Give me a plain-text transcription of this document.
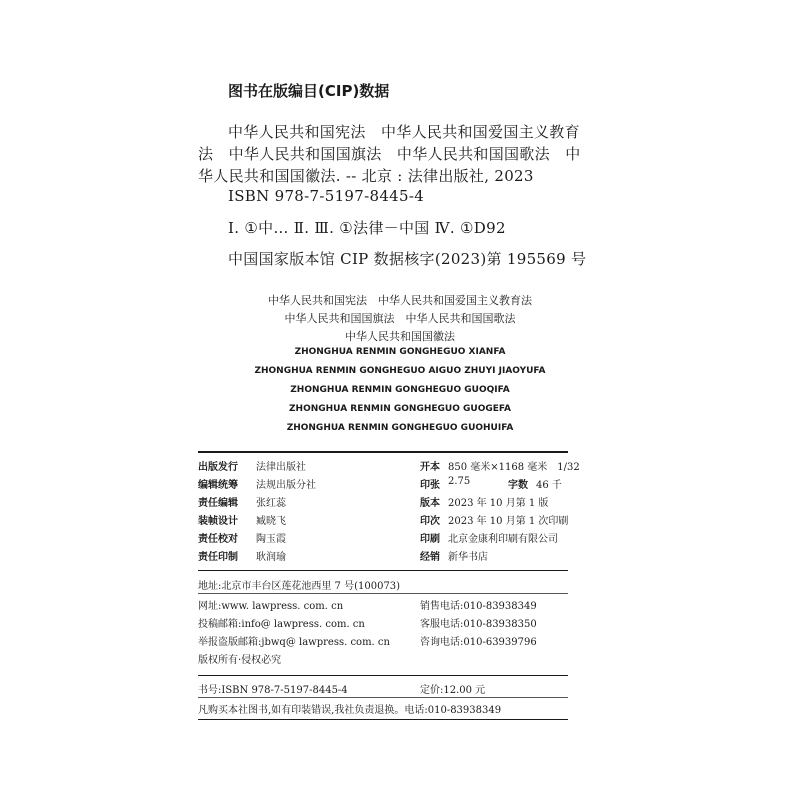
图书在版编目(CIP)数据
中华人民共和国宪法　中华人民共和国爱国主义教育
法　中华人民共和国国旗法　中华人民共和国国歌法　中
华人民共和国国徽法. -- 北京 : 法律出版社, 2023
ISBN 978-7-5197-8445-4
Ⅰ. ①中… Ⅱ. Ⅲ. ①法律－中国 Ⅳ. ①D92
中国国家版本馆 CIP 数据核字(2023)第 195569 号
中华人民共和国宪法　中华人民共和国爱国主义教育法
中华人民共和国国旗法　中华人民共和国国歌法
中华人民共和国国徽法
ZHONGHUA RENMIN GONGHEGUO XIANFA
ZHONGHUA RENMIN GONGHEGUO AIGUO ZHUYI JIAOYUFA
ZHONGHUA RENMIN GONGHEGUO GUOQIFA
ZHONGHUA RENMIN GONGHEGUO GUOGEFA
ZHONGHUA RENMIN GONGHEGUO GUOHUIFA
出版发行 法律出版社
编辑统筹 法规出版分社
责任编辑 张红蕊
装帧设计 臧晓飞
责任校对 陶玉霞
责任印制 耿润瑜
开本 850 毫米×1168 毫米　1/32
印张 2.75	字数 46 千
版本 2023 年 10 月第 1 版
印次 2023 年 10 月第 1 次印刷
印刷 北京金康利印刷有限公司
经销 新华书店
地址:北京市丰台区莲花池西里 7 号(100073)
网址:www. lawpress. com. cn
投稿邮箱:info@ lawpress. com. cn
举报盗版邮箱:jbwq@ lawpress. com. cn
版权所有·侵权必究
销售电话:010-83938349
客服电话:010-83938350
咨询电话:010-63939796
书号:ISBN 978-7-5197-8445-4	定价:12.00 元
凡购买本社图书,如有印装错误,我社负责退换。电话:010-83938349
